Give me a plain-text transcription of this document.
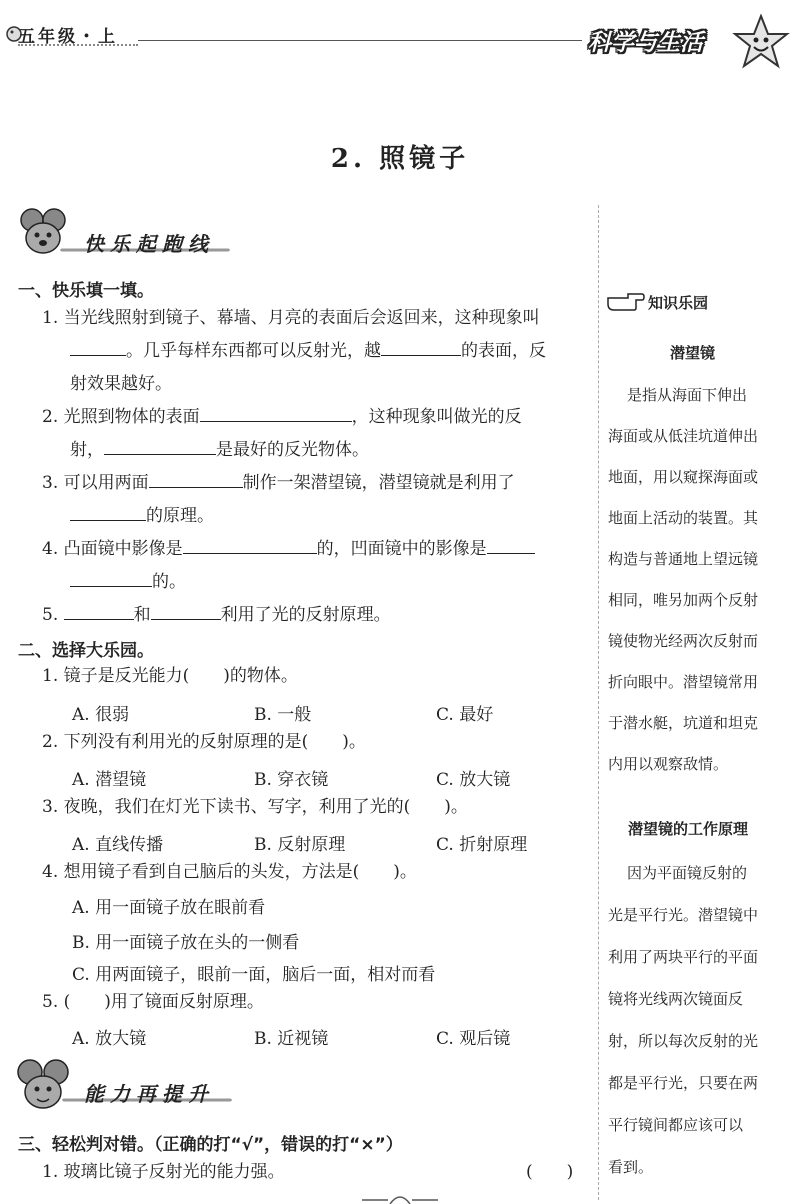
五年级・上	科学与生活
2. 照镜子
快乐起跑线
一、快乐填一填。
1. 当光线照射到镜子、幕墙、月亮的表面后会返回来，这种现象叫
。几乎每样东西都可以反射光，越	的表面，反
射效果越好。
2. 光照到物体的表面	，这种现象叫做光的反
射，	是最好的反光物体。
3. 可以用两面	制作一架潜望镜，潜望镜就是利用了
的原理。
4. 凸面镜中影像是	的，凹面镜中的影像是
的。
5.	和	利用了光的反射原理。
二、选择大乐园。
1. 镜子是反光能力(　　)的物体。
A. 很弱	B. 一般	C. 最好
2. 下列没有利用光的反射原理的是(　　)。
A. 潜望镜	B. 穿衣镜	C. 放大镜
3. 夜晚，我们在灯光下读书、写字，利用了光的(　　)。
A. 直线传播	B. 反射原理	C. 折射原理
4. 想用镜子看到自己脑后的头发，方法是(　　)。
A. 用一面镜子放在眼前看
B. 用一面镜子放在头的一侧看
C. 用两面镜子，眼前一面，脑后一面，相对而看
5. (　　)用了镜面反射原理。
A. 放大镜	B. 近视镜	C. 观后镜
能力再提升
三、轻松判对错。（正确的打“√”，错误的打“×”）
1. 玻璃比镜子反射光的能力强。	(　　)
知识乐园
潜望镜
　是指从海面下伸出
海面或从低洼坑道伸出
地面，用以窥探海面或
地面上活动的装置。其
构造与普通地上望远镜
相同，唯另加两个反射
镜使物光经两次反射而
折向眼中。潜望镜常用
于潜水艇，坑道和坦克
内用以观察敌情。
潜望镜的工作原理
　因为平面镜反射的
光是平行光。潜望镜中
利用了两块平行的平面
镜将光线两次镜面反
射，所以每次反射的光
都是平行光，只要在两
平行镜间都应该可以
看到。
